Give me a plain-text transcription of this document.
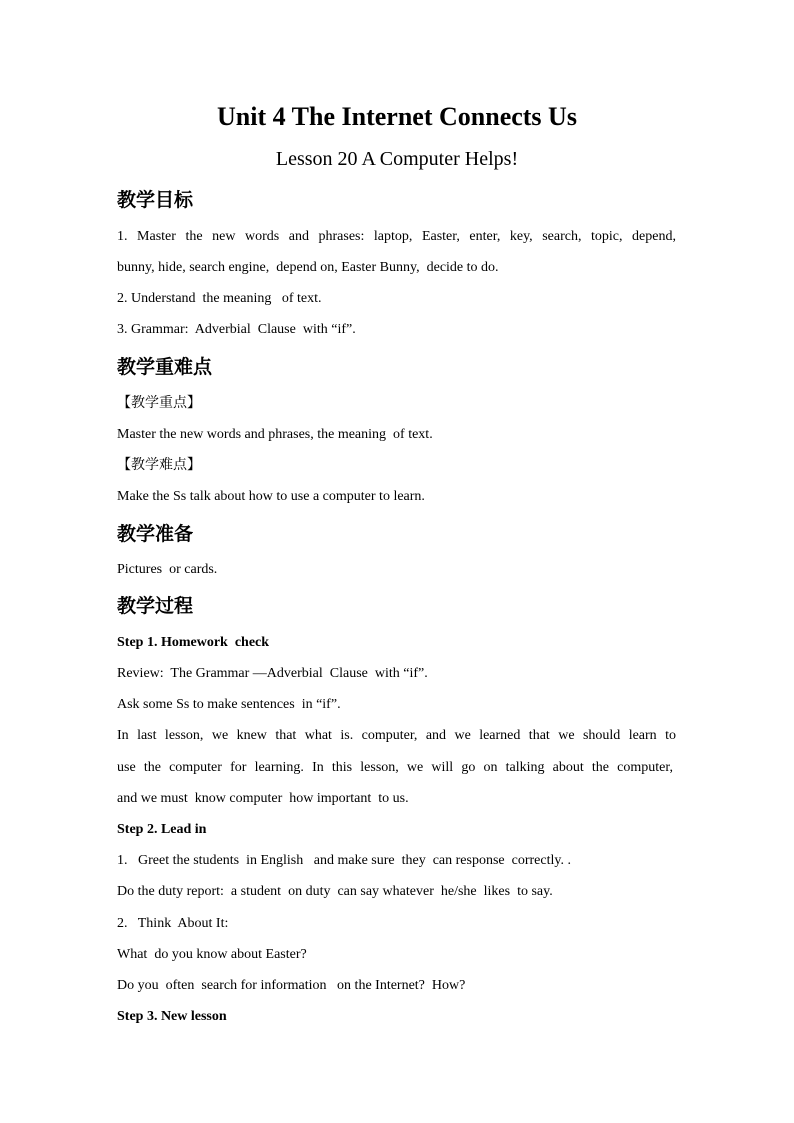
Unit 4 The Internet Connects Us
Lesson 20 A Computer Helps!
教学目标
1. Master the new words and phrases: laptop, Easter, enter, key, search, topic, depend,
bunny, hide, search engine,  depend on, Easter Bunny,  decide to do.
2. Understand  the meaning   of text.
3. Grammar:  Adverbial  Clause  with “if”.
教学重难点
【教学重点】
Master the new words and phrases, the meaning  of text.
【教学难点】
Make the Ss talk about how to use a computer to learn.
教学准备
Pictures  or cards.
教学过程
Step 1. Homework  check
Review:  The Grammar —Adverbial  Clause  with “if”.
Ask some Ss to make sentences  in “if”.
In last lesson, we knew that what is. computer, and we learned that we should learn to
use the computer for learning. In this lesson, we will go on talking about the computer,
and we must  know computer  how important  to us.
Step 2. Lead in
1.   Greet the students  in English   and make sure  they  can response  correctly. .
Do the duty report:  a student  on duty  can say whatever  he/she  likes  to say.
2.   Think  About It:
What  do you know about Easter?
Do you  often  search for information   on the Internet?  How?
Step 3. New lesson
